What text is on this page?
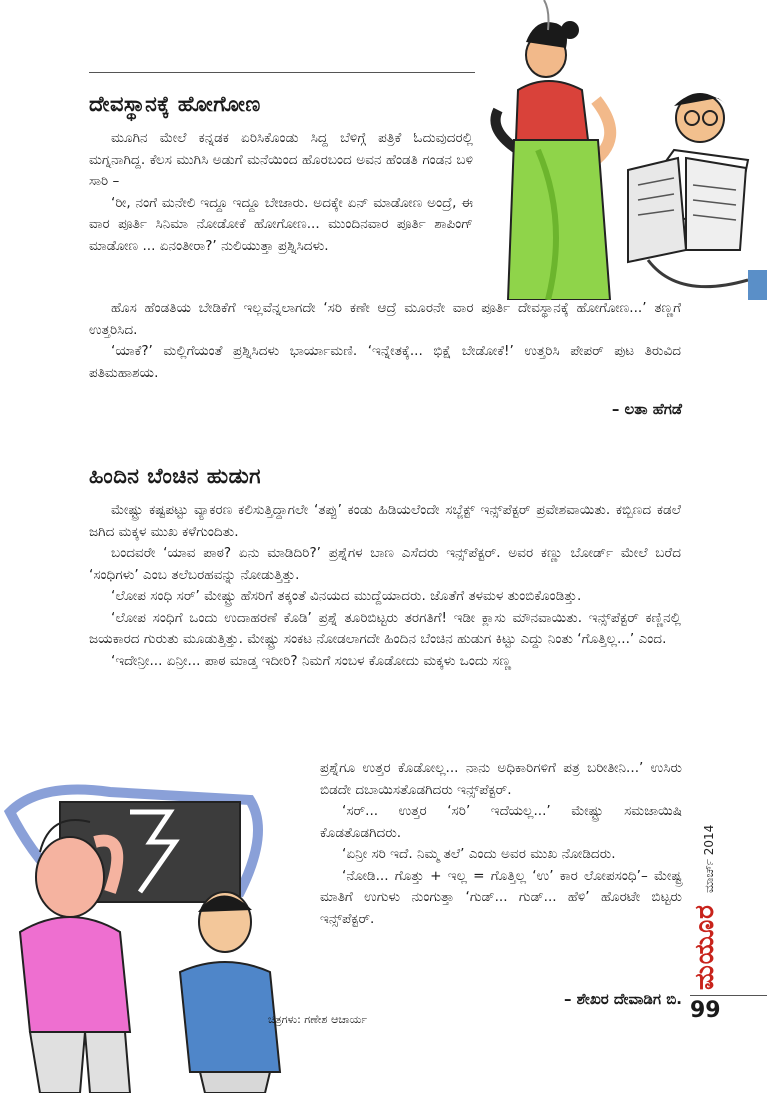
ದೇವಸ್ಥಾನಕ್ಕೆ ಹೋಗೋಣ

ಮೂಗಿನ ಮೇಲೆ ಕನ್ನಡಕ ಏರಿಸಿಕೊಂಡು ಸಿದ್ದ ಬೆಳಿಗ್ಗೆ ಪತ್ರಿಕೆ ಓದುವುದರಲ್ಲಿ ಮಗ್ನನಾಗಿದ್ದ. ಕೆಲಸ ಮುಗಿಸಿ ಅಡುಗೆ ಮನೆಯಿಂದ ಹೊರಬಂದ ಅವನ ಹೆಂಡತಿ ಗಂಡನ ಬಳಿ ಸಾರಿ –

‘ರೀ, ನಂಗೆ ಮನೇಲಿ ಇದ್ದೂ ಇದ್ದೂ ಬೇಜಾರು. ಅದಕ್ಕೇ ಏನ್ ಮಾಡೋಣ ಅಂದ್ರೆ, ಈ ವಾರ ಪೂರ್ತಿ ಸಿನಿಮಾ ನೋಡೋಕೆ ಹೋಗೋಣ... ಮುಂದಿನವಾರ ಪೂರ್ತಿ ಶಾಪಿಂಗ್ ಮಾಡೋಣ ... ಏನಂತೀರಾ?’ ನುಲಿಯುತ್ತಾ ಪ್ರಶ್ನಿಸಿದಳು.

ಹೊಸ ಹೆಂಡತಿಯ ಬೇಡಿಕೆಗೆ ಇಲ್ಲವೆನ್ನಲಾಗದೇ ‘ಸರಿ ಕಣೇ ಆದ್ರೆ ಮೂರನೇ ವಾರ ಪೂರ್ತಿ ದೇವಸ್ಥಾನಕ್ಕೆ ಹೋಗೋಣ...’ ತಣ್ಣಗೆ ಉತ್ತರಿಸಿದ.

‘ಯಾಕೆ?’ ಮಲ್ಲಿಗೆಯಂತೆ ಪ್ರಶ್ನಿಸಿದಳು ಭಾರ್ಯಾಮಣಿ. ‘ಇನ್ನೇತಕ್ಕೆ... ಭಿಕ್ಷೆ ಬೇಡೋಕೆ!’ ಉತ್ತರಿಸಿ ಪೇಪರ್ ಪುಟ ತಿರುವಿದ ಪತಿಮಹಾಶಯ.

– ಲತಾ ಹೆಗಡೆ
ಹಿಂದಿನ ಬೆಂಚಿನ ಹುಡುಗ

ಮೇಷ್ಟ್ರು ಕಷ್ಟಪಟ್ಟು ವ್ಯಾಕರಣ ಕಲಿಸುತ್ತಿದ್ದಾಗಲೇ ‘ತಪ್ಪು’ ಕಂಡು ಹಿಡಿಯಲೆಂದೇ ಸಬ್ಜೆಕ್ಟ್ ಇನ್ಸ್‌ಪೆಕ್ಟರ್ ಪ್ರವೇಶವಾಯಿತು. ಕಬ್ಬಿಣದ ಕಡಲೆ ಜಗಿದ ಮಕ್ಕಳ ಮುಖ ಕಳೆಗುಂದಿತು.

ಬಂದವರೇ ‘ಯಾವ ಪಾಠ? ಏನು ಮಾಡಿದಿರಿ?’ ಪ್ರಶ್ನೆಗಳ ಬಾಣ ಎಸೆದರು ಇನ್ಸ್‌ಪೆಕ್ಟರ್. ಅವರ ಕಣ್ಣು ಬೋರ್ಡ್ ಮೇಲೆ ಬರೆದ ‘ಸಂಧಿಗಳು’ ಎಂಬ ತಲೆಬರಹವನ್ನು ನೋಡುತ್ತಿತ್ತು.

‘ಲೋಪ ಸಂಧಿ ಸರ್’ ಮೇಷ್ಟ್ರು ಹೆಸರಿಗೆ ತಕ್ಕಂತೆ ವಿನಯದ ಮುದ್ದೆಯಾದರು. ಜೊತೆಗೆ ತಳಮಳ ತುಂಬಿಕೊಂಡಿತ್ತು.

‘ಲೋಪ ಸಂಧಿಗೆ ಒಂದು ಉದಾಹರಣೆ ಕೊಡಿ’ ಪ್ರಶ್ನೆ ತೂರಿಬಿಟ್ಟರು ತರಗತಿಗೆ! ಇಡೀ ಕ್ಲಾಸು ಮೌನವಾಯಿತು. ಇನ್ಸ್‌ಪೆಕ್ಟರ್ ಕಣ್ಣಿನಲ್ಲಿ ಜಯಕಾರದ ಗುರುತು ಮೂಡುತ್ತಿತ್ತು. ಮೇಷ್ಟ್ರು ಸಂಕಟ ನೋಡಲಾಗದೇ ಹಿಂದಿನ ಬೆಂಚಿನ ಹುಡುಗ ಕಿಟ್ಟು ಎದ್ದು ನಿಂತು ‘ಗೊತ್ತಿಲ್ಲ...’ ಎಂದ.

‘ಇದೇನ್ರೀ... ಏನ್ರೀ... ಪಾಠ ಮಾಡ್ತ ಇದೀರಿ? ನಿಮಗೆ ಸಂಬಳ ಕೊಡೋದು ಮಕ್ಕಳು ಒಂದು ಸಣ್ಣ

ಪ್ರಶ್ನೆಗೂ ಉತ್ತರ ಕೊಡೋಲ್ಲ... ನಾನು ಅಧಿಕಾರಿಗಳಿಗೆ ಪತ್ರ ಬರೀತೀನಿ...’ ಉಸಿರು ಬಿಡದೇ ದಬಾಯಿಸತೊಡಗಿದರು ಇನ್ಸ್‌ಪೆಕ್ಟರ್.

‘ಸರ್... ಉತ್ತರ ‘ಸರಿ’ ಇದೆಯಲ್ಲ...’ ಮೇಷ್ಟ್ರು ಸಮಜಾಯಿಷಿ ಕೊಡತೊಡಗಿದರು.

‘ಏನ್ರೀ ಸರಿ ಇದೆ. ನಿಮ್ಮ ತಲೆ’ ಎಂದು ಅವರ ಮುಖ ನೋಡಿದರು.

‘ನೋಡಿ... ಗೊತ್ತು + ಇಲ್ಲ = ಗೊತ್ತಿಲ್ಲ ‘ಉ’ ಕಾರ ಲೋಪಸಂಧಿ’– ಮೇಷ್ಟ್ರ ಮಾತಿಗೆ ಉಗುಳು ನುಂಗುತ್ತಾ ‘ಗುಡ್... ಗುಡ್... ಹೆಳಿ’ ಹೊರಟೇ ಬಿಟ್ಟರು ಇನ್ಸ್‌ಪೆಕ್ಟರ್.

– ಶೇಖರ ದೇವಾಡಿಗ ಬಿ.
ಚಿತ್ರಗಳು: ಗಣೇಶ ಆಚಾರ್ಯ
ಮಯೂರ ಮಾರ್ಚ್ 2014
99
